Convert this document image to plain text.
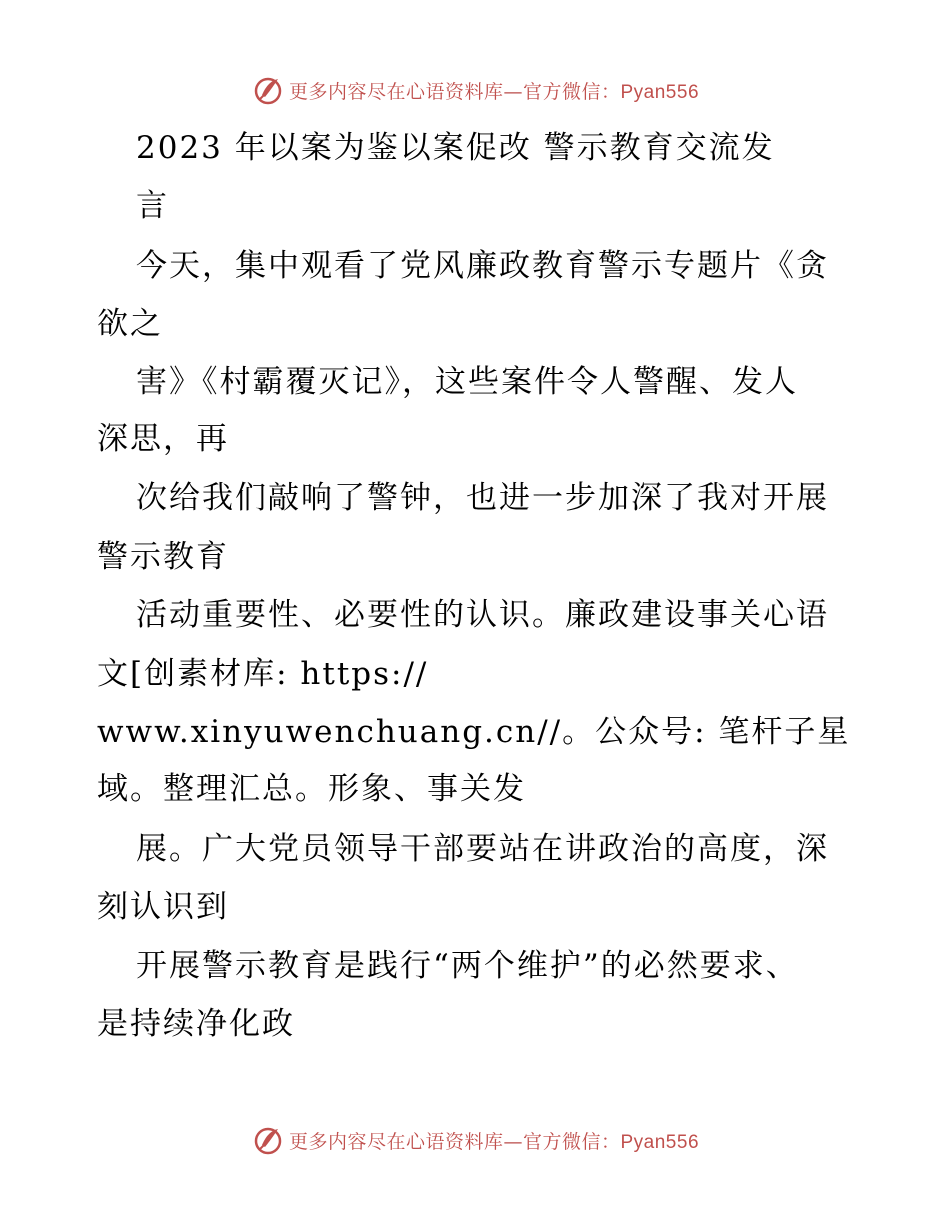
更多内容尽在心语资料库—官方微信：Pyan556
2023 年以案为鉴以案促改 警示教育交流发
言
今天，集中观看了党风廉政教育警示专题片《贪
欲之
害》《村霸覆灭记》，这些案件令人警醒、发人
深思，再
次给我们敲响了警钟，也进一步加深了我对开展
警示教育
活动重要性、必要性的认识。廉政建设事关心语
文[创素材库: https://
www.xinyuwenchuang.cn//。公众号: 笔杆子星
域。整理汇总。形象、事关发
展。广大党员领导干部要站在讲政治的高度，深
刻认识到
开展警示教育是践行“两个维护”的必然要求、
是持续净化政
更多内容尽在心语资料库—官方微信：Pyan556
